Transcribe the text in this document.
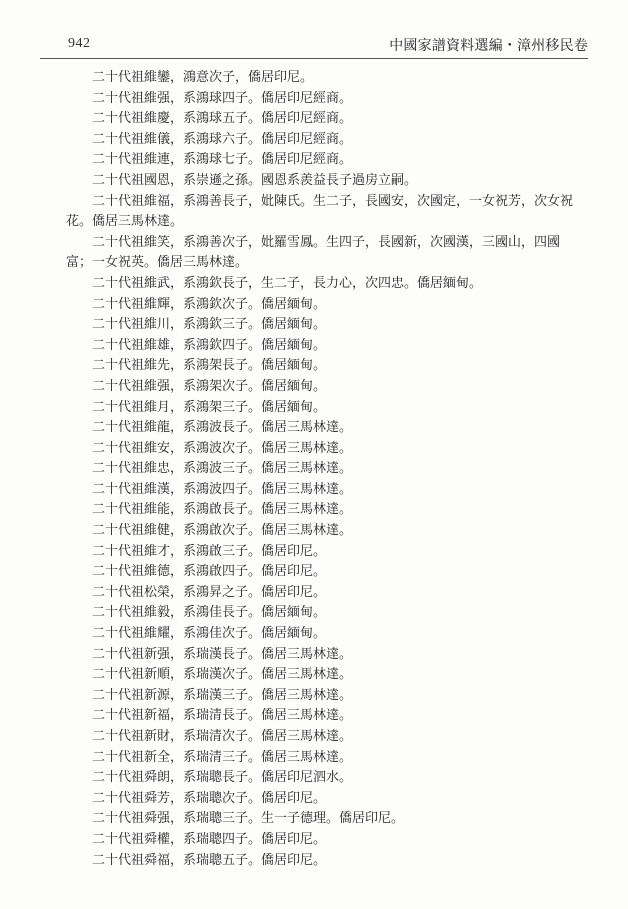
942	中國家譜資料選編・漳州移民卷

二十代祖維鑾，鴻意次子，僑居印尼。

二十代祖維强，系鴻球四子。僑居印尼經商。

二十代祖維慶，系鴻球五子。僑居印尼經商。

二十代祖維儀，系鴻球六子。僑居印尼經商。

二十代祖維連，系鴻球七子。僑居印尼經商。

二十代祖國恩，系崇遜之孫。國恩系羨益長子過房立嗣。

二十代祖維福，系鴻善長子，妣陳氏。生二子，長國安，次國定，一女祝芳，次女祝花。僑居三馬林達。

二十代祖維笑，系鴻善次子，妣羅雪鳳。生四子，長國新，次國漢，三國山，四國富；一女祝英。僑居三馬林達。

二十代祖維武，系鴻欽長子，生二子，長力心，次四忠。僑居緬甸。

二十代祖維輝，系鴻欽次子。僑居緬甸。

二十代祖維川，系鴻欽三子。僑居緬甸。

二十代祖維雄，系鴻欽四子。僑居緬甸。

二十代祖維先，系鴻架長子。僑居緬甸。

二十代祖維强，系鴻架次子。僑居緬甸。

二十代祖維月，系鴻架三子。僑居緬甸。

二十代祖維龍，系鴻波長子。僑居三馬林達。

二十代祖維安，系鴻波次子。僑居三馬林達。

二十代祖維忠，系鴻波三子。僑居三馬林達。

二十代祖維漢，系鴻波四子。僑居三馬林達。

二十代祖維能，系鴻啟長子。僑居三馬林達。

二十代祖維健，系鴻啟次子。僑居三馬林達。

二十代祖維才，系鴻啟三子。僑居印尼。

二十代祖維德，系鴻啟四子。僑居印尼。

二十代祖松榮，系鴻昇之子。僑居印尼。

二十代祖維毅，系鴻佳長子。僑居緬甸。

二十代祖維耀，系鴻佳次子。僑居緬甸。

二十代祖新强，系瑞漢長子。僑居三馬林達。

二十代祖新順，系瑞漢次子。僑居三馬林達。

二十代祖新源，系瑞漢三子。僑居三馬林達。

二十代祖新福，系瑞清長子。僑居三馬林達。

二十代祖新財，系瑞清次子。僑居三馬林達。

二十代祖新全，系瑞清三子。僑居三馬林達。

二十代祖舜朗，系瑞聰長子。僑居印尼泗水。

二十代祖舜芳，系瑞聰次子。僑居印尼。

二十代祖舜强，系瑞聰三子。生一子德理。僑居印尼。

二十代祖舜權，系瑞聰四子。僑居印尼。

二十代祖舜福，系瑞聰五子。僑居印尼。
